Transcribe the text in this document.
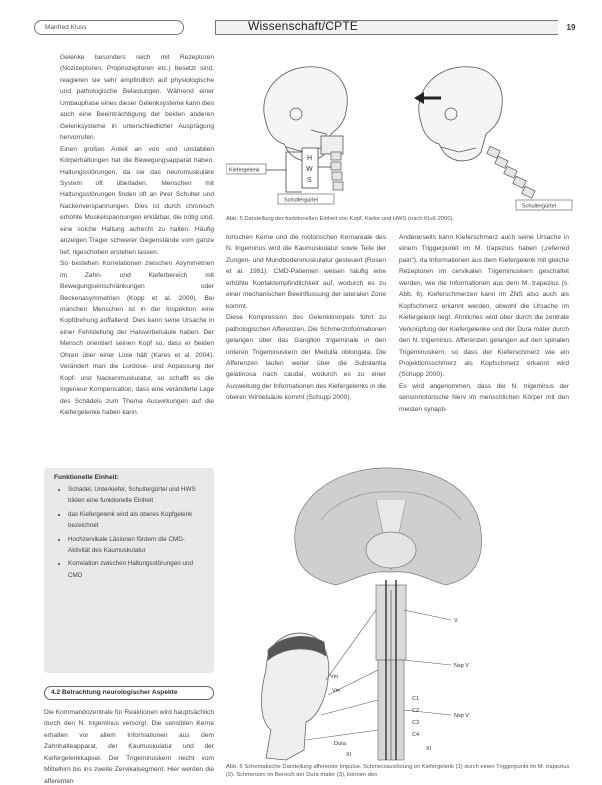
Manfred Kluss	Wissenschaft/CPTE	19

Gelenke besonders reich mit Rezeptoren (Nozizeptoren, Propriozeptoren etc.) besetzt sind, reagieren sie sehr empfindlich auf physiologische und pathologische Belastungen. Während einer Umbauphase eines dieser Gelenksysteme kann dies auch eine Beeinträchtigung der beiden anderen Gelenksysteme in unterschiedlicher Ausprägung hervorrufen.

Einen großen Anteil an von und unstabilen Körperhaltungen hat die Bewegungsapparat haben. Haltungsstörungen, da sie das neuromuskuläre System oft überladen. Menschen mit Haltungsstörungen finden oft an ihrer Schulter und Nackenverspannungen. Dies ist durch chronisch erhöhte Muskelspannungen erklärbar, die nötig sind, eine solche Haltung aufrecht zu halten. Häufig anzeigen Trager schwerer Gegenstände vom ganze tief, rigeschoben erstehen lassen.

So bestehen Korrelationen zwischen Asymmetrien im Zahn- und Kieferbereich mit Bewegungseinschränkungen oder Beckenasymmetrien (Kopp et al. 2000). Bei manchen Menschen ist in der Inspektion eine Kopfdrehung auffallend. Dies kann seine Ursache in einer Fehlstellung der Halswirbelsäule haben. Der Mensch orientiert seinen Kopf so, dass er beiden Ohren über einer Linie hält (Kares et al. 2004). Verändert man die Lordose- und Anpassung der Kopf- und Nackenmuskulatur, so schafft es die Ingenieur Kompensation, dass eine veränderte Lage des Schädels zum Thema Auswirkungen auf die Kiefergelenke haben kann.

Funktionelle Einheit:
• Schädel, Unterkiefer, Schultergürtel und HWS bilden eine funktionelle Einheit
• das Kiefergelenk wird als oberes Kopfgelenk bezeichnet
• Hochzervikale Läsionen fördern die CMD-Aktivität des Kaumuskulatur
• Korrelation zwischen Haltungsstörungen und CMD
4.2 Betrachtung neurologischer Aspekte

Die Kommandozentrale für Reaktionen wird hauptsächlich durch den N. trigeminus versorgt. Die sensiblen Kerne erhalten vor allem Informationen aus dem Zahnhalteapparat, der Kaumuskulatur und der Kiefergelenkkapsel. Der Trigeminuskern reicht vom Mittelhirn bis ins zweite Zervikalsegment. Hier werden die afferenten

H
W
S
Kiefergelenk
Schultergürtel
Schultergürtel
Abb. 5 Darstellung der funktionellen Einheit von Kopf, Kiefer und HWS (nach Kluß 2000).

torischen Kerne und die motorischen Kernareale des N. trigeminus wird die Kaumuskulatur sowie Teile der Zungen- und Mundbodenmuskulatur gesteuert (Rosen et al. 1991). CMD-Patienten weisen häufig eine erhöhte Kontaktempfindlichkeit auf, wodurch es zu einer mechanischen Beeinflussung der lateralen Zone kommt.

Diese Kompression des Gelenkknorpels führt zu pathologischen Afferenzen. Die Schmerzinformationen gelangen über das Ganglion trigeminale in den unteren Trigeminuskern der Medulla oblongata. Die Afferenzen laufen weiter über die Substantia gelatinosa nach caudal, wodurch es zu einer Ausweitung der Informationen des Kiefergelenks in die oberen Wirbelsäule kommt (Schupp 2000).

Andererseits kann Kieferschmerz auch seine Ursache in einem Triggerpunkt im M. trapezius haben („referred pain"), da Informationen aus dem Kiefergelenk mit gleiche Rezeptoren im cervikalen Trigeminuskern geschaltet werden, wie die Informationen aus dem M. trapezius (s. Abb. 6). Kieferschmerzen kann im ZNS also auch als Kopfschmerz erkannt werden, obwohl die Ursache im Kiefergelenk liegt. Ähnliches wird über durch die zentrale Verknüpfung der Kiefergelenke und der Dura mater durch den N. trigeminus. Afferenzen gelangen auf den spinalen Trigeminuskern, so dass der Kieferschmerz wie ein Projektionsschmerz als Kopfschmerz erkannt wird (Schupp 2000).

Es wird angenommen, dass der N. trigeminus der sensomotorische Nerv im menschlichen Körper mit den meisten synapti-

V
Nsp V
Nsp V
Vm
Vm
Dura
C1
C2
C3
C4
XI
XI
Abb. 6 Schematische Darstellung afferenter Impulse. Schmerzauslösung im Kiefergelenk (1) durch einen Triggerpunkt im M. trapezius (2). Schmerzen im Bereich der Dura mater (3), können den
